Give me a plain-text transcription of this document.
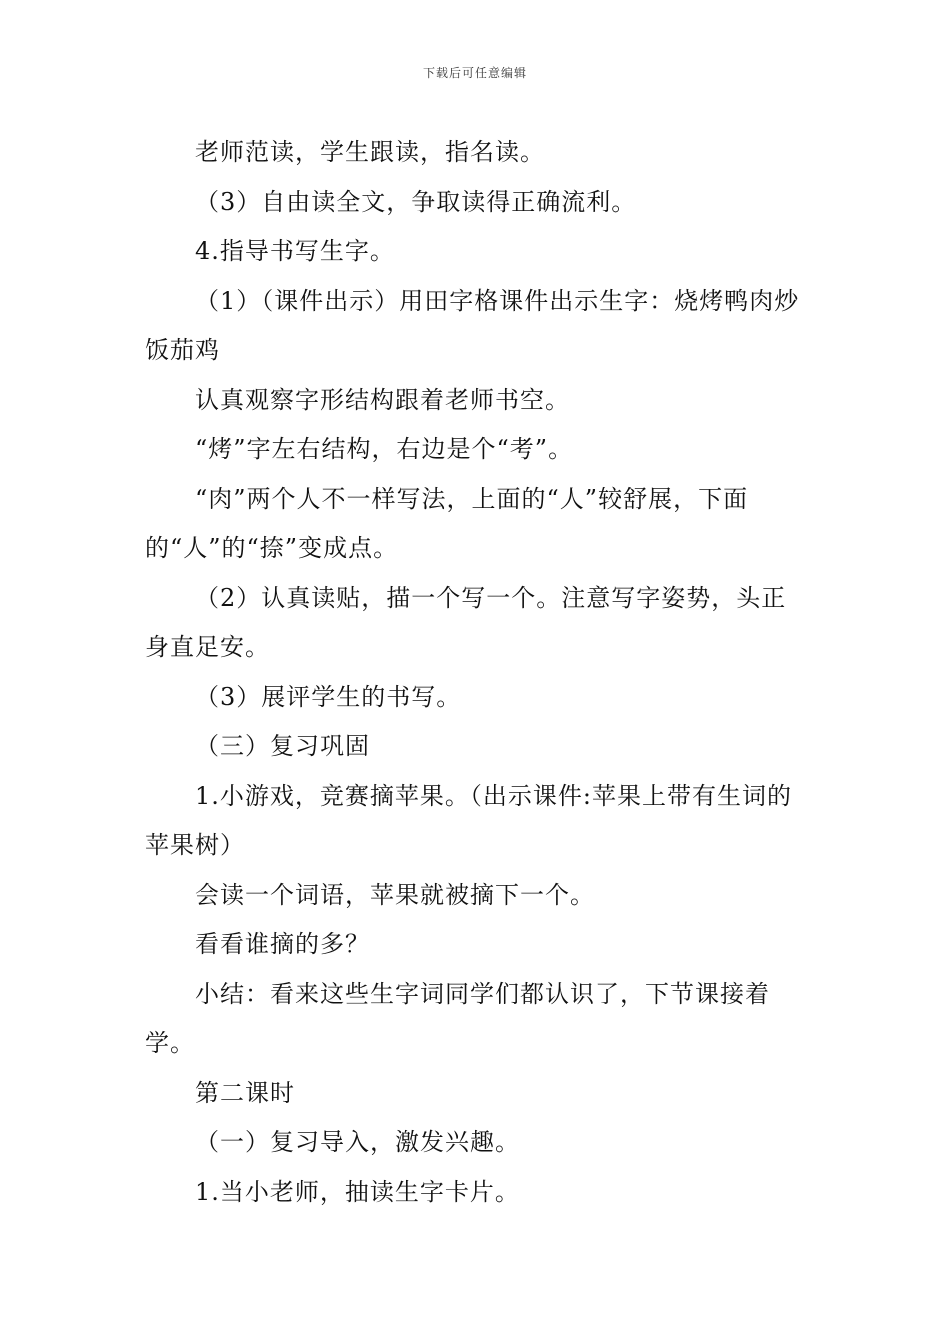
下载后可任意编辑

老师范读，学生跟读，指名读。

（3）自由读全文，争取读得正确流利。

4.指导书写生字。

（1）（课件出示）用田字格课件出示生字：烧烤鸭肉炒饭茄鸡

认真观察字形结构跟着老师书空。

“烤”字左右结构，右边是个“考”。

“肉”两个人不一样写法，上面的“人”较舒展，下面的“人”的“捺”变成点。

（2）认真读贴，描一个写一个。注意写字姿势，头正身直足安。

（3）展评学生的书写。

（三）复习巩固

1.小游戏，竞赛摘苹果。（出示课件:苹果上带有生词的苹果树）

会读一个词语，苹果就被摘下一个。

看看谁摘的多？

小结：看来这些生字词同学们都认识了，下节课接着学。

第二课时

（一）复习导入，激发兴趣。

1.当小老师，抽读生字卡片。
